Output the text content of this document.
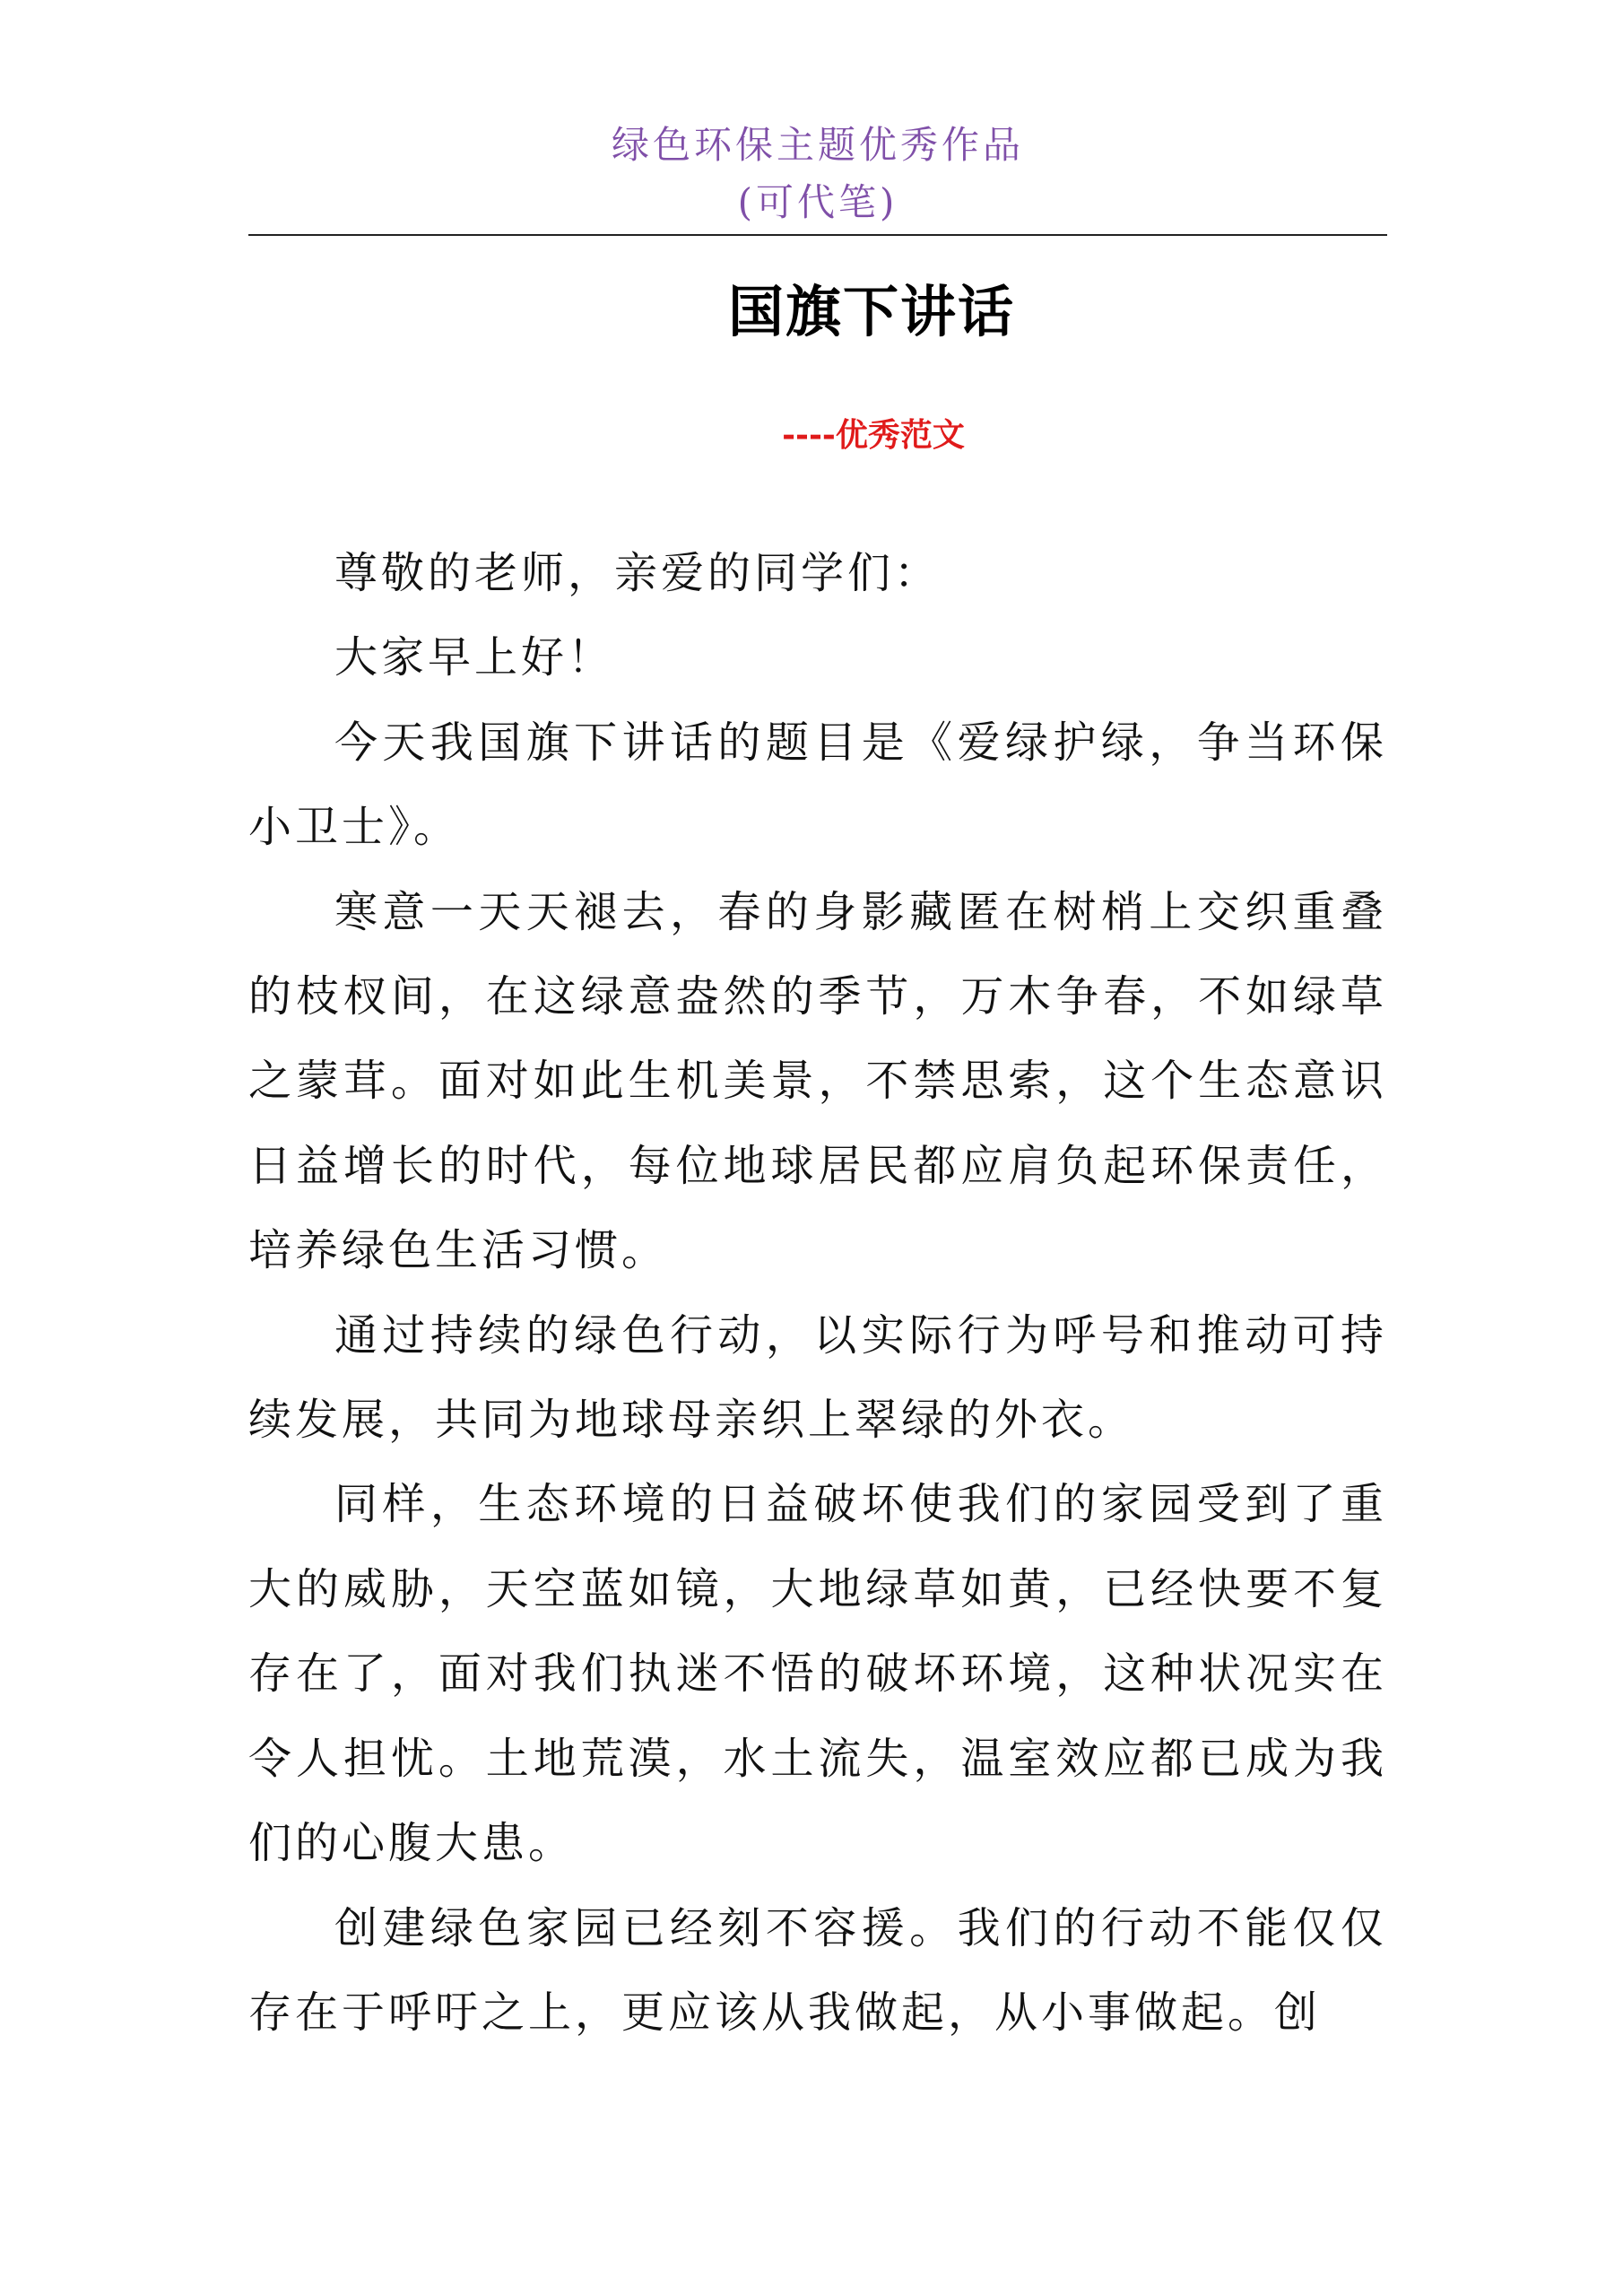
绿色环保主题优秀作品
(可代笔)
国旗下讲话
----优秀范文

尊敬的老师，亲爱的同学们：

大家早上好！

今天我国旗下讲话的题目是《爱绿护绿，争当环保小卫士》。

寒意一天天褪去，春的身影藏匿在树梢上交织重叠的枝杈间，在这绿意盎然的季节，万木争春，不如绿草之蒙茸。面对如此生机美景，不禁思索，这个生态意识日益增长的时代，每位地球居民都应肩负起环保责任，培养绿色生活习惯。

通过持续的绿色行动，以实际行为呼号和推动可持续发展，共同为地球母亲织上翠绿的外衣。

同样，生态环境的日益破坏使我们的家园受到了重大的威胁，天空蓝如镜，大地绿草如黄，已经快要不复存在了，面对我们执迷不悟的破坏环境，这种状况实在令人担忧。土地荒漠，水土流失，温室效应都已成为我们的心腹大患。

创建绿色家园已经刻不容援。我们的行动不能仅仅存在于呼吁之上，更应该从我做起，从小事做起。创
